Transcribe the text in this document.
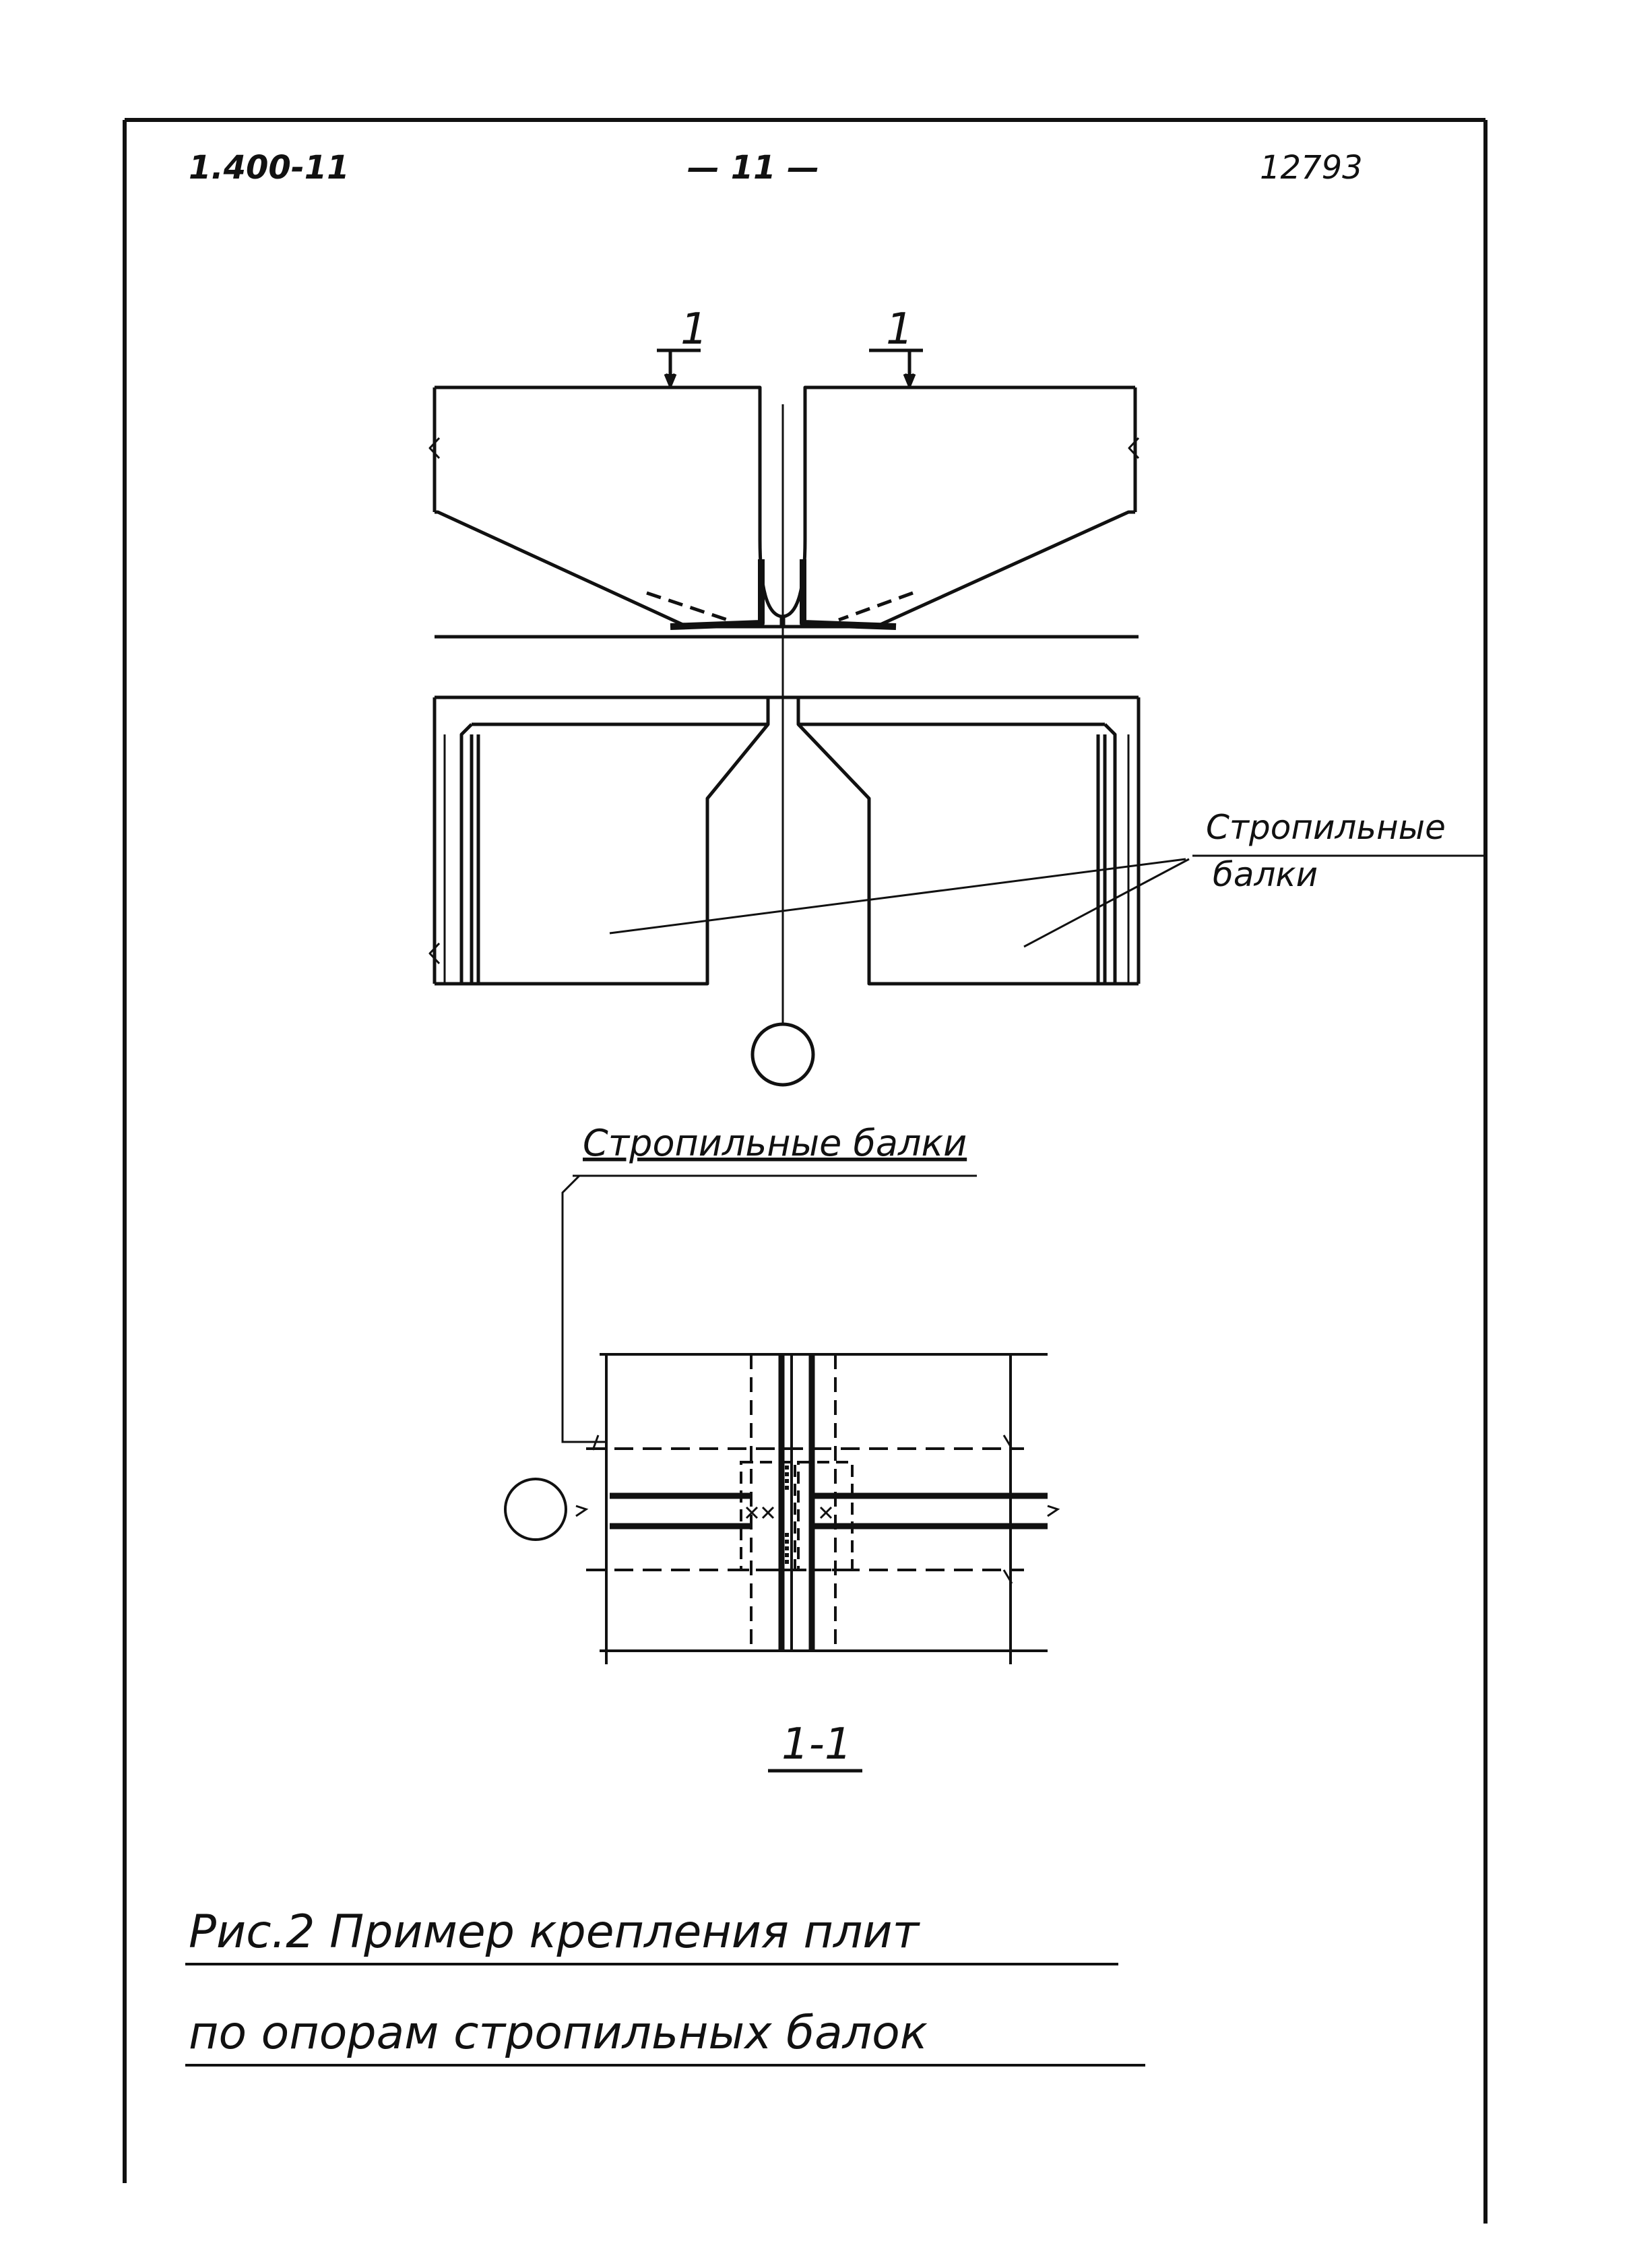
1.400-11	— 11 —	12793
1	1
Стропильные
балки
Стропильные балки
1-1
Рис.2 Пример крепления плит
по опорам стропильных балок
